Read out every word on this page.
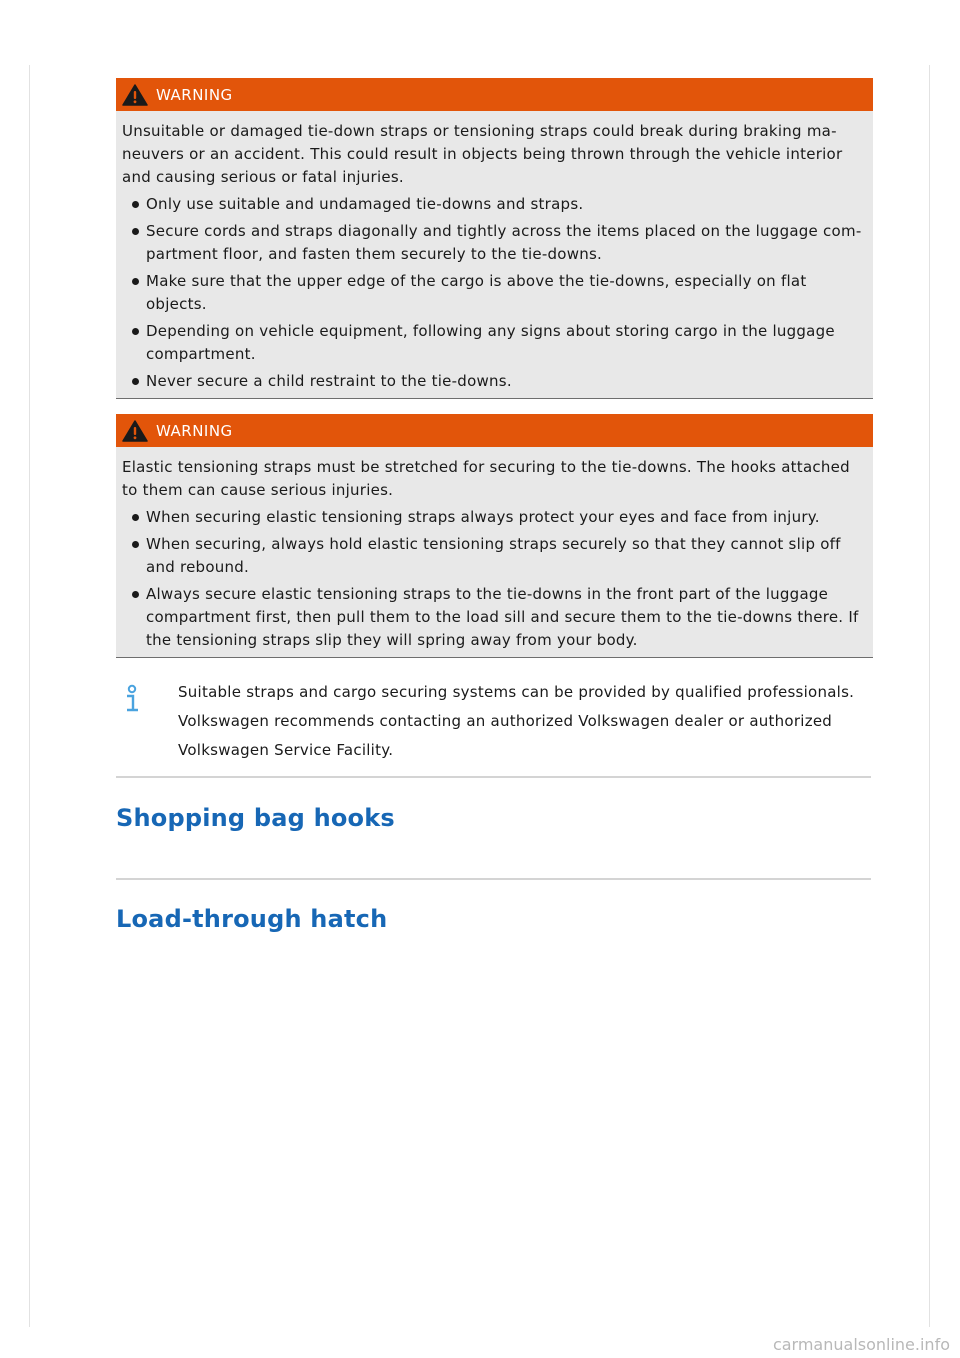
WARNING

Unsuitable or damaged tie-down straps or tensioning straps could break during braking ma- neuvers or an accident. This could result in objects being thrown through the vehicle interior and causing serious or fatal injuries.

Only use suitable and undamaged tie-downs and straps.
Secure cords and straps diagonally and tightly across the items placed on the luggage com- partment floor, and fasten them securely to the tie-downs.
Make sure that the upper edge of the cargo is above the tie-downs, especially on flat objects.
Depending on vehicle equipment, following any signs about storing cargo in the luggage compartment.
Never secure a child restraint to the tie-downs.
WARNING

Elastic tensioning straps must be stretched for securing to the tie-downs. The hooks attached to them can cause serious injuries.

When securing elastic tensioning straps always protect your eyes and face from injury.
When securing, always hold elastic tensioning straps securely so that they cannot slip off and rebound.
Always secure elastic tensioning straps to the tie-downs in the front part of the luggage compartment first, then pull them to the load sill and secure them to the tie-downs there. If the tensioning straps slip they will spring away from your body.

Suitable straps and cargo securing systems can be provided by qualified professionals. Volkswagen recommends contacting an authorized Volkswagen dealer or authorized Volkswagen Service Facility.

Shopping bag hooks
Load-through hatch
carmanualsonline.info
